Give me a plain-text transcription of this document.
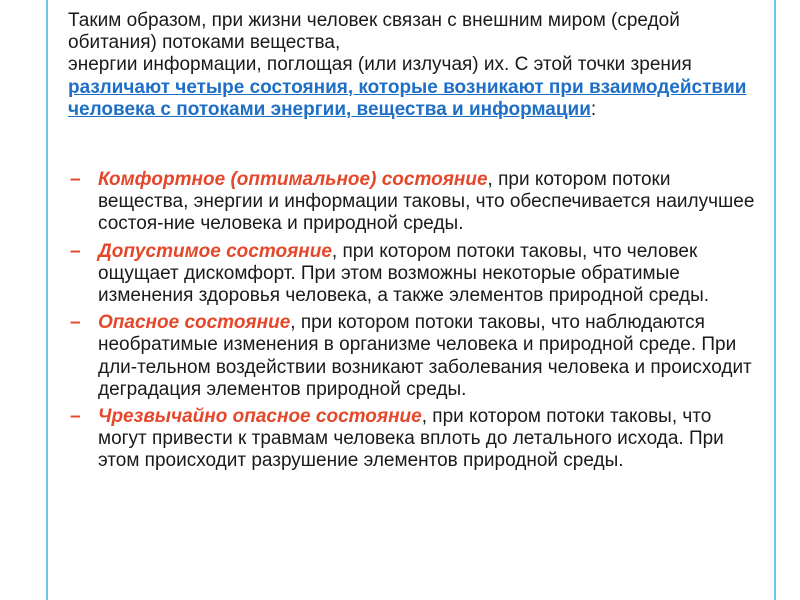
Таким образом, при жизни человек связан с внешним миром (средой обитания) потоками вещества,
энергии информации, поглощая (или излучая) их. С этой точки зрения различают четыре состояния, которые возникают при взаимодействии человека с потоками энергии, вещества и информации:

– Комфортное (оптимальное) состояние, при котором потоки вещества, энергии и информации таковы, что обеспечивается наилучшее состоя-ние человека и природной среды.
– Допустимое состояние, при котором потоки таковы, что человек ощущает дискомфорт. При этом возможны некоторые обратимые изменения здоровья человека, а также элементов природной среды.
– Опасное состояние, при котором потоки таковы, что наблюдаются необратимые изменения в организме человека и природной среде. При дли-тельном воздействии возникают заболевания человека и происходит деградация элементов природной среды.
– Чрезвычайно опасное состояние, при котором потоки таковы, что могут привести к травмам человека вплоть до летального исхода. При этом происходит разрушение элементов природной среды.
